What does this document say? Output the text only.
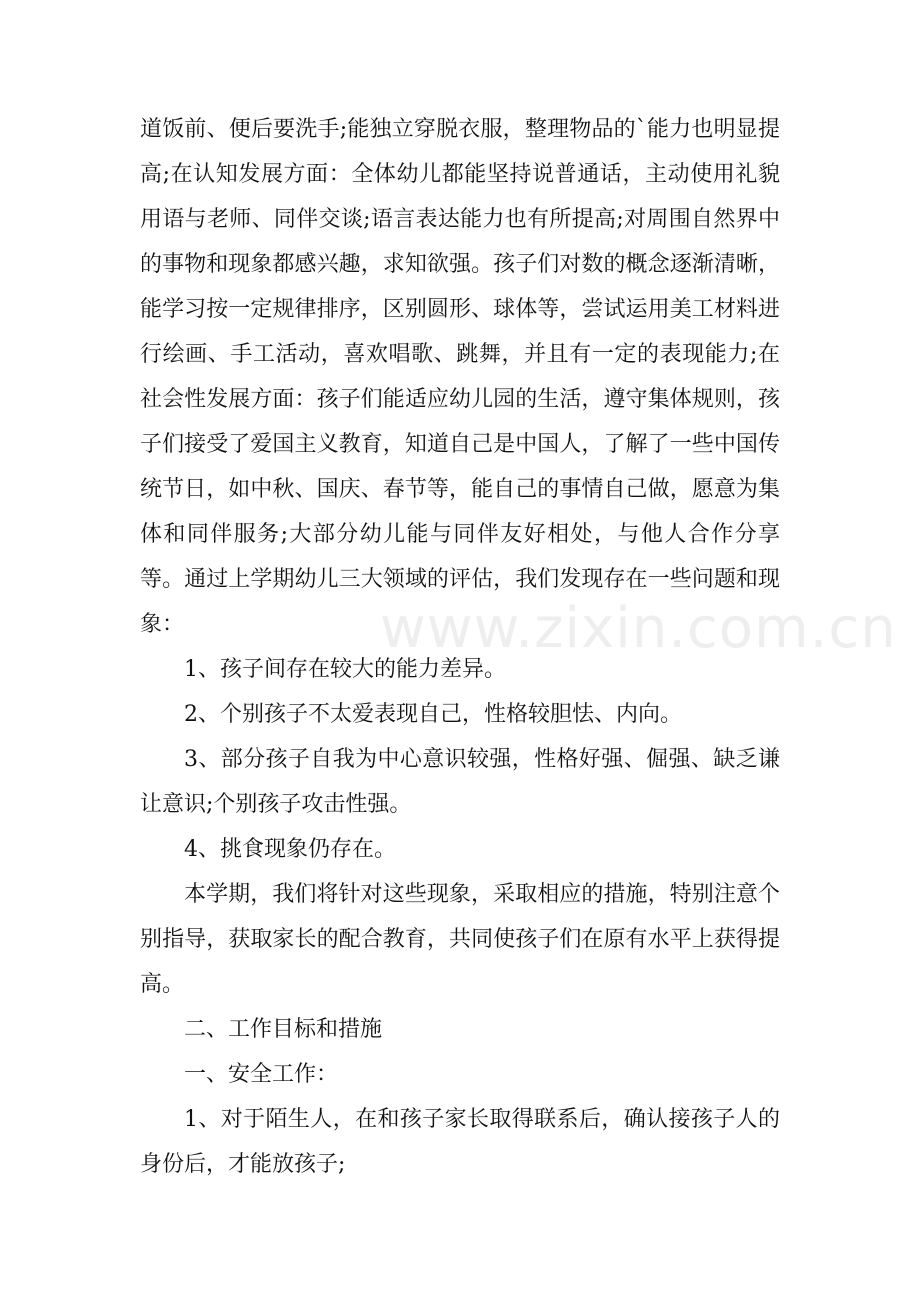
道饭前、便后要洗手;能独立穿脱衣服，整理物品的`能力也明显提高;在认知发展方面：全体幼儿都能坚持说普通话，主动使用礼貌用语与老师、同伴交谈;语言表达能力也有所提高;对周围自然界中的事物和现象都感兴趣，求知欲强。孩子们对数的概念逐渐清晰，能学习按一定规律排序，区别圆形、球体等，尝试运用美工材料进行绘画、手工活动，喜欢唱歌、跳舞，并且有一定的表现能力;在社会性发展方面：孩子们能适应幼儿园的生活，遵守集体规则，孩子们接受了爱国主义教育，知道自己是中国人，了解了一些中国传统节日，如中秋、国庆、春节等，能自己的事情自己做，愿意为集体和同伴服务;大部分幼儿能与同伴友好相处，与他人合作分享等。通过上学期幼儿三大领域的评估，我们发现存在一些问题和现象：

1、孩子间存在较大的能力差异。

2、个别孩子不太爱表现自己，性格较胆怯、内向。

3、部分孩子自我为中心意识较强，性格好强、倔强、缺乏谦让意识;个别孩子攻击性强。

4、挑食现象仍存在。

本学期，我们将针对这些现象，采取相应的措施，特别注意个别指导，获取家长的配合教育，共同使孩子们在原有水平上获得提高。

二、工作目标和措施

一、安全工作：

1、对于陌生人，在和孩子家长取得联系后，确认接孩子人的身份后，才能放孩子;

www.zixin.com.cn
